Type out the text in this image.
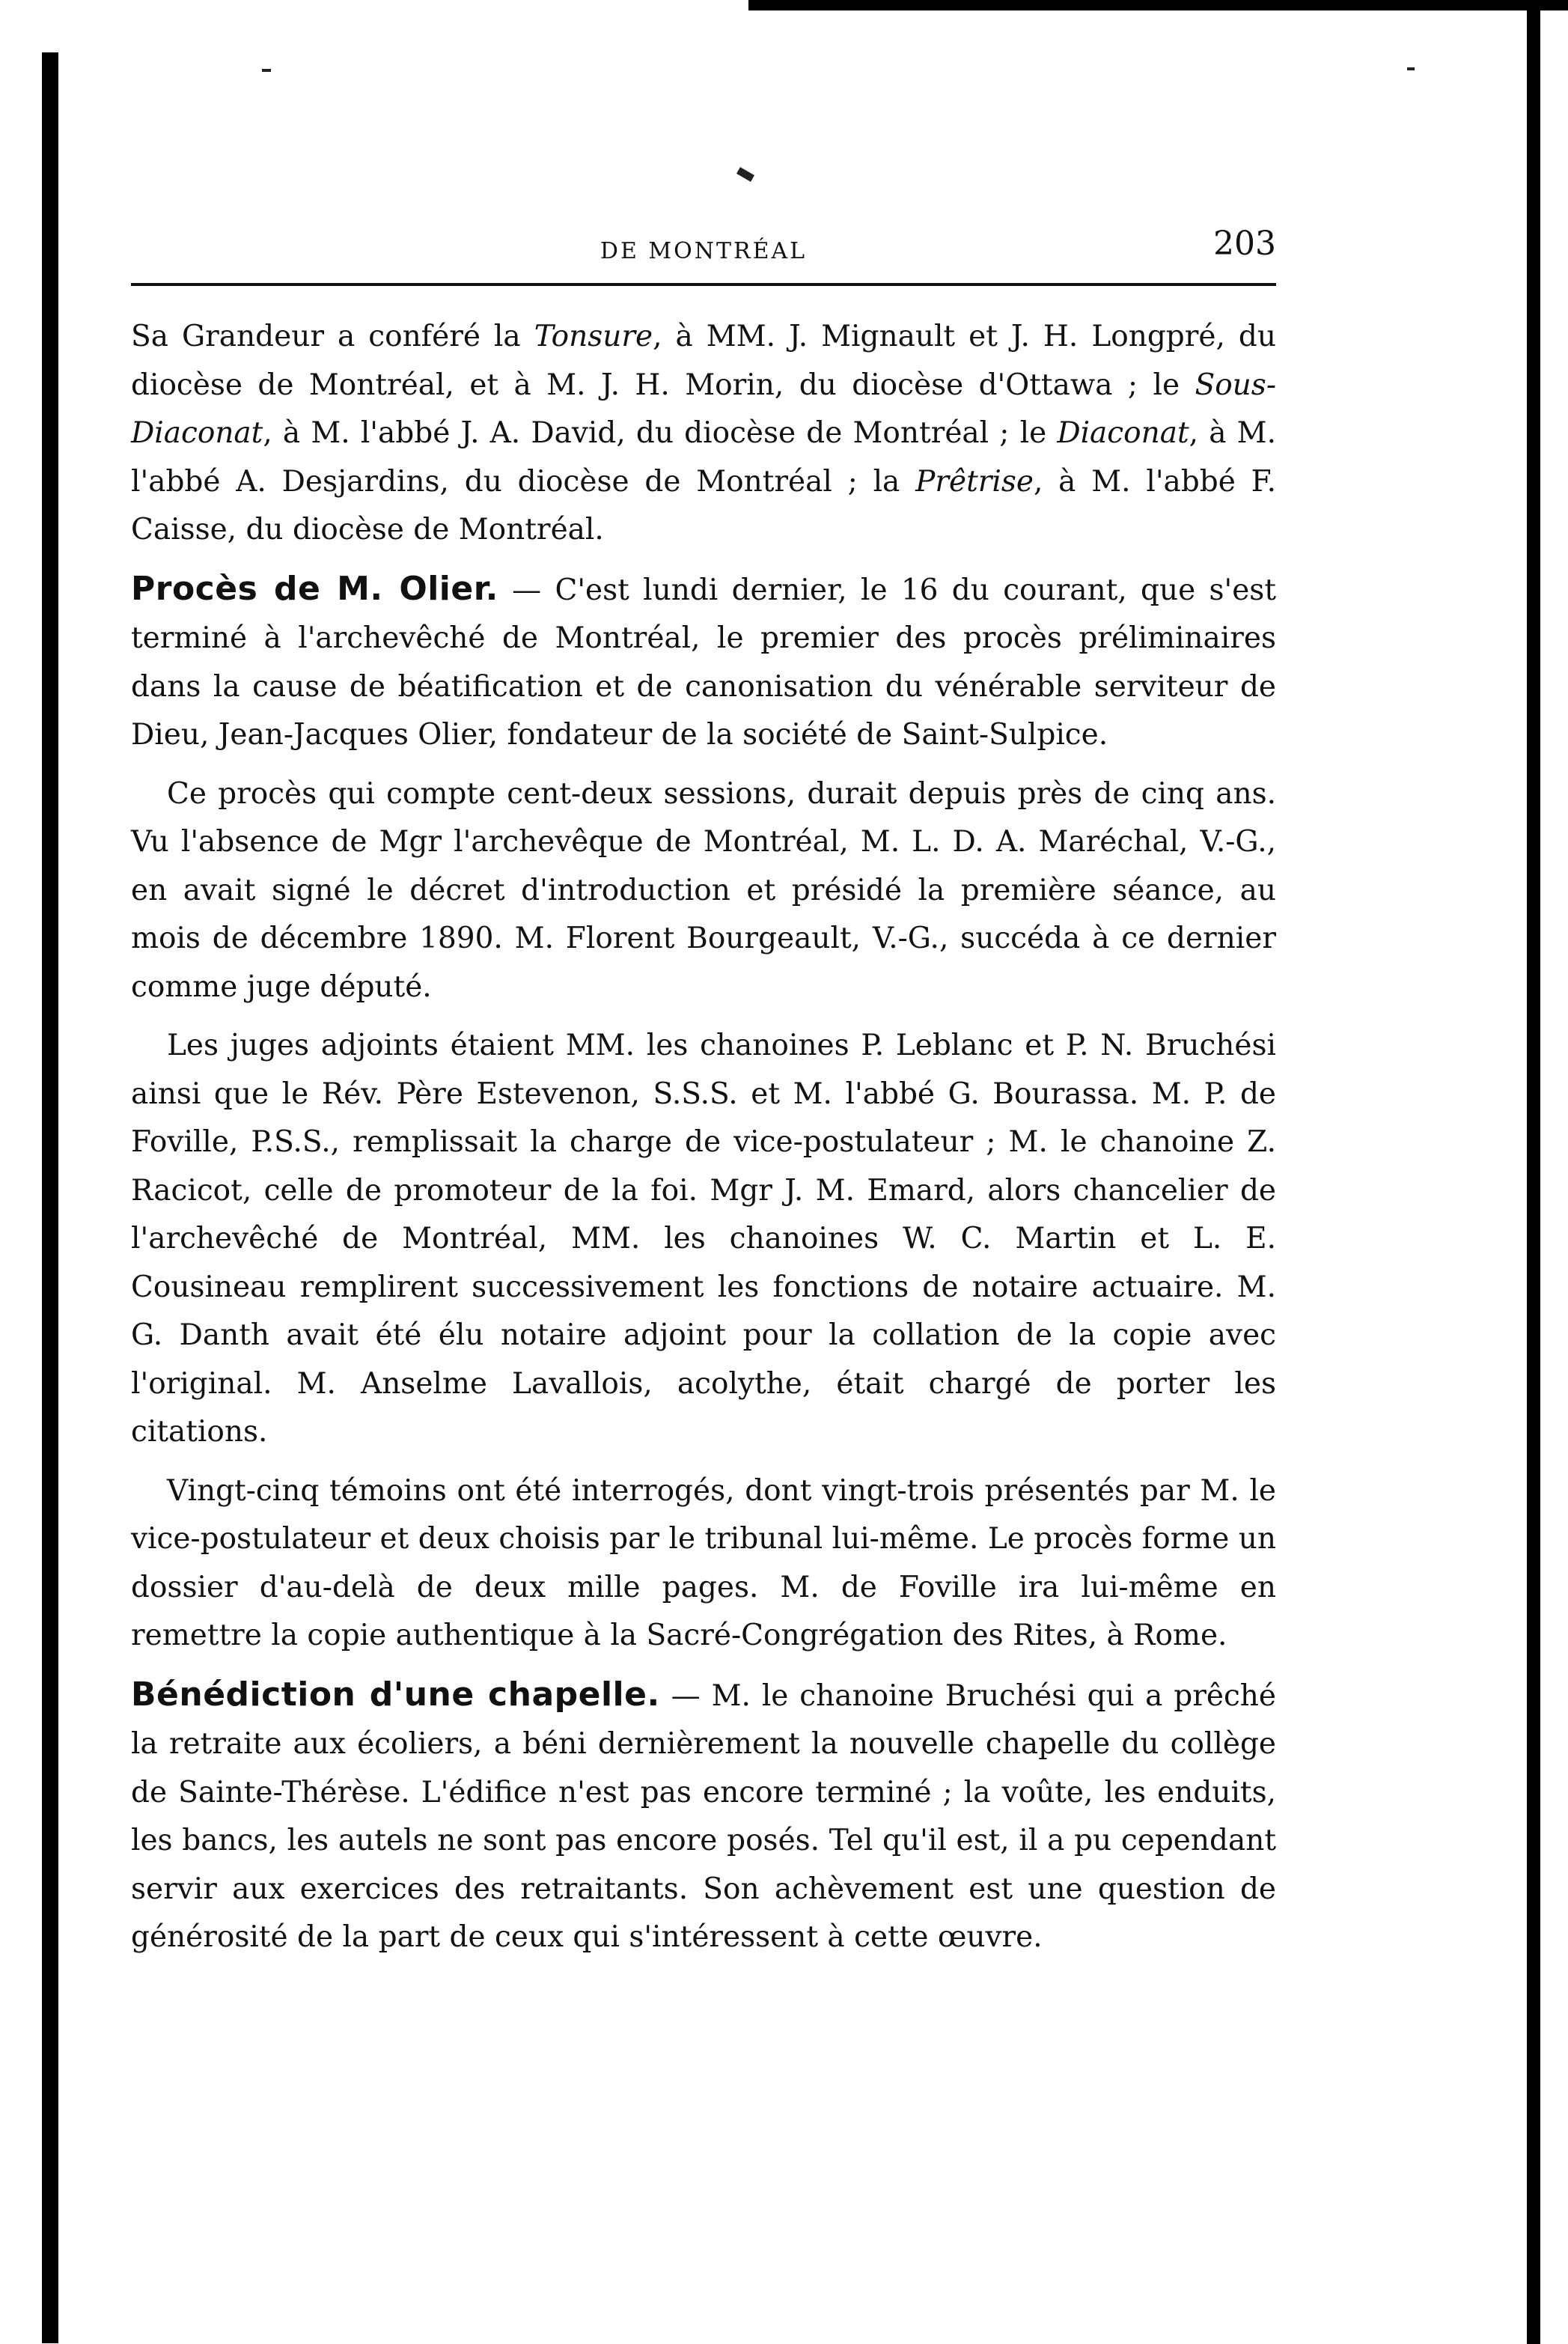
DE MONTRÉAL	203

Sa Grandeur a conféré la Tonsure, à MM. J. Mignault et J. H. Longpré, du diocèse de Montréal, et à M. J. H. Morin, du diocèse d'Ottawa ; le Sous-Diaconat, à M. l'abbé J. A. David, du diocèse de Montréal ; le Diaconat, à M. l'abbé A. Desjardins, du diocèse de Montréal ; la Prêtrise, à M. l'abbé F. Caisse, du diocèse de Montréal.

Procès de M. Olier. — C'est lundi dernier, le 16 du courant, que s'est terminé à l'archevêché de Montréal, le premier des procès préliminaires dans la cause de béatification et de canonisation du vénérable serviteur de Dieu, Jean-Jacques Olier, fondateur de la société de Saint-Sulpice.

Ce procès qui compte cent-deux sessions, durait depuis près de cinq ans. Vu l'absence de Mgr l'archevêque de Montréal, M. L. D. A. Maréchal, V.-G., en avait signé le décret d'introduction et présidé la première séance, au mois de décembre 1890. M. Florent Bourgeault, V.-G., succéda à ce dernier comme juge député.

Les juges adjoints étaient MM. les chanoines P. Leblanc et P. N. Bruchési ainsi que le Rév. Père Estevenon, S.S.S. et M. l'abbé G. Bourassa. M. P. de Foville, P.S.S., remplissait la charge de vice-postulateur ; M. le chanoine Z. Racicot, celle de promoteur de la foi. Mgr J. M. Emard, alors chancelier de l'archevêché de Montréal, MM. les chanoines W. C. Martin et L. E. Cousineau remplirent successivement les fonctions de notaire actuaire. M. G. Danth avait été élu notaire adjoint pour la collation de la copie avec l'original. M. Anselme Lavallois, acolythe, était chargé de porter les citations.

Vingt-cinq témoins ont été interrogés, dont vingt-trois présentés par M. le vice-postulateur et deux choisis par le tribunal lui-même. Le procès forme un dossier d'au-delà de deux mille pages. M. de Foville ira lui-même en remettre la copie authentique à la Sacré-Congrégation des Rites, à Rome.

Bénédiction d'une chapelle. — M. le chanoine Bruchési qui a prêché la retraite aux écoliers, a béni dernièrement la nouvelle chapelle du collège de Sainte-Thérèse. L'édifice n'est pas encore terminé ; la voûte, les enduits, les bancs, les autels ne sont pas encore posés. Tel qu'il est, il a pu cependant servir aux exercices des retraitants. Son achèvement est une question de générosité de la part de ceux qui s'intéressent à cette œuvre.
